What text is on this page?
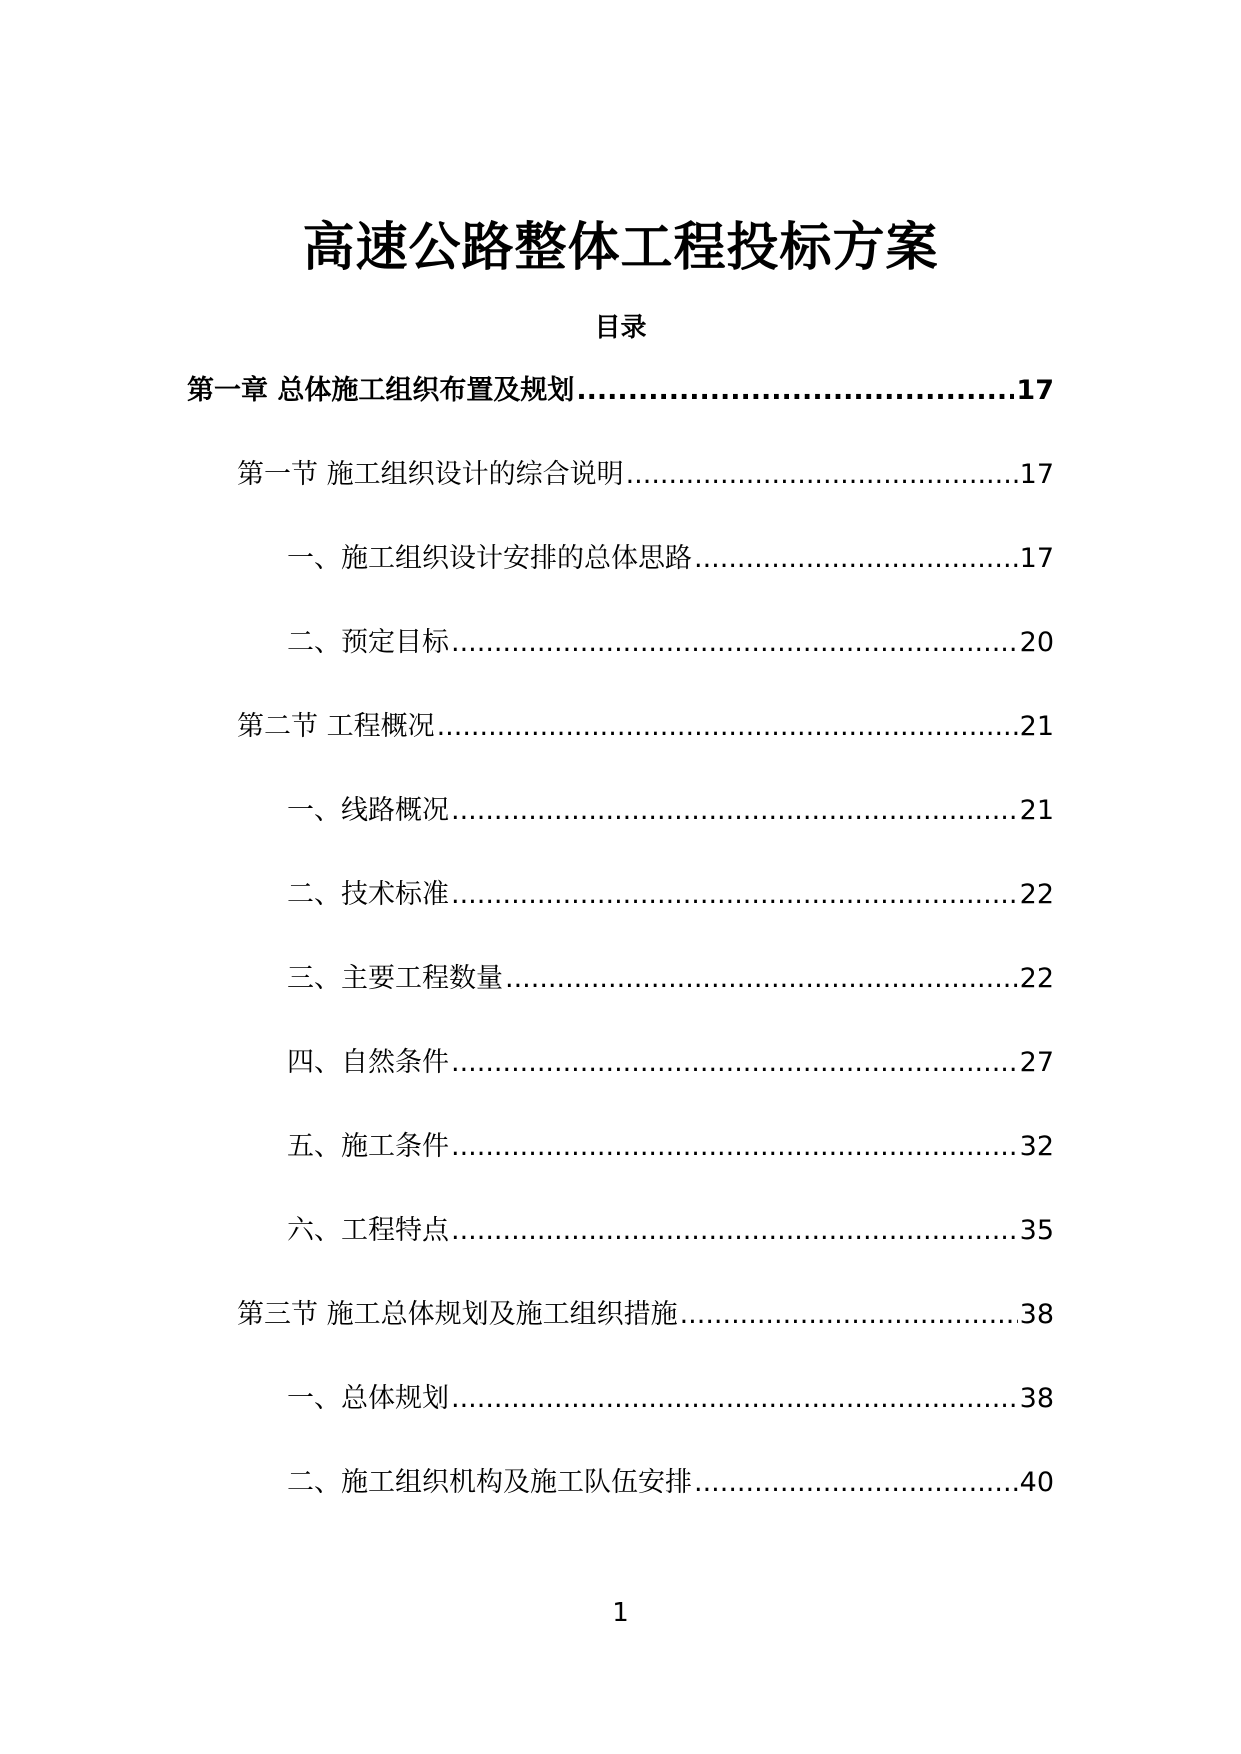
高速公路整体工程投标方案
目录
第一章 总体施工组织布置及规划 .....	17
第一节 施工组织设计的综合说明 .....	17
一、施工组织设计安排的总体思路 .....	17
二、预定目标 .....	20
第二节 工程概况 .....	21
一、线路概况 .....	21
二、技术标准 .....	22
三、主要工程数量 .....	22
四、自然条件 .....	27
五、施工条件 .....	32
六、工程特点 .....	35
第三节 施工总体规划及施工组织措施 .....	38
一、总体规划 .....	38
二、施工组织机构及施工队伍安排 .....	40
1
